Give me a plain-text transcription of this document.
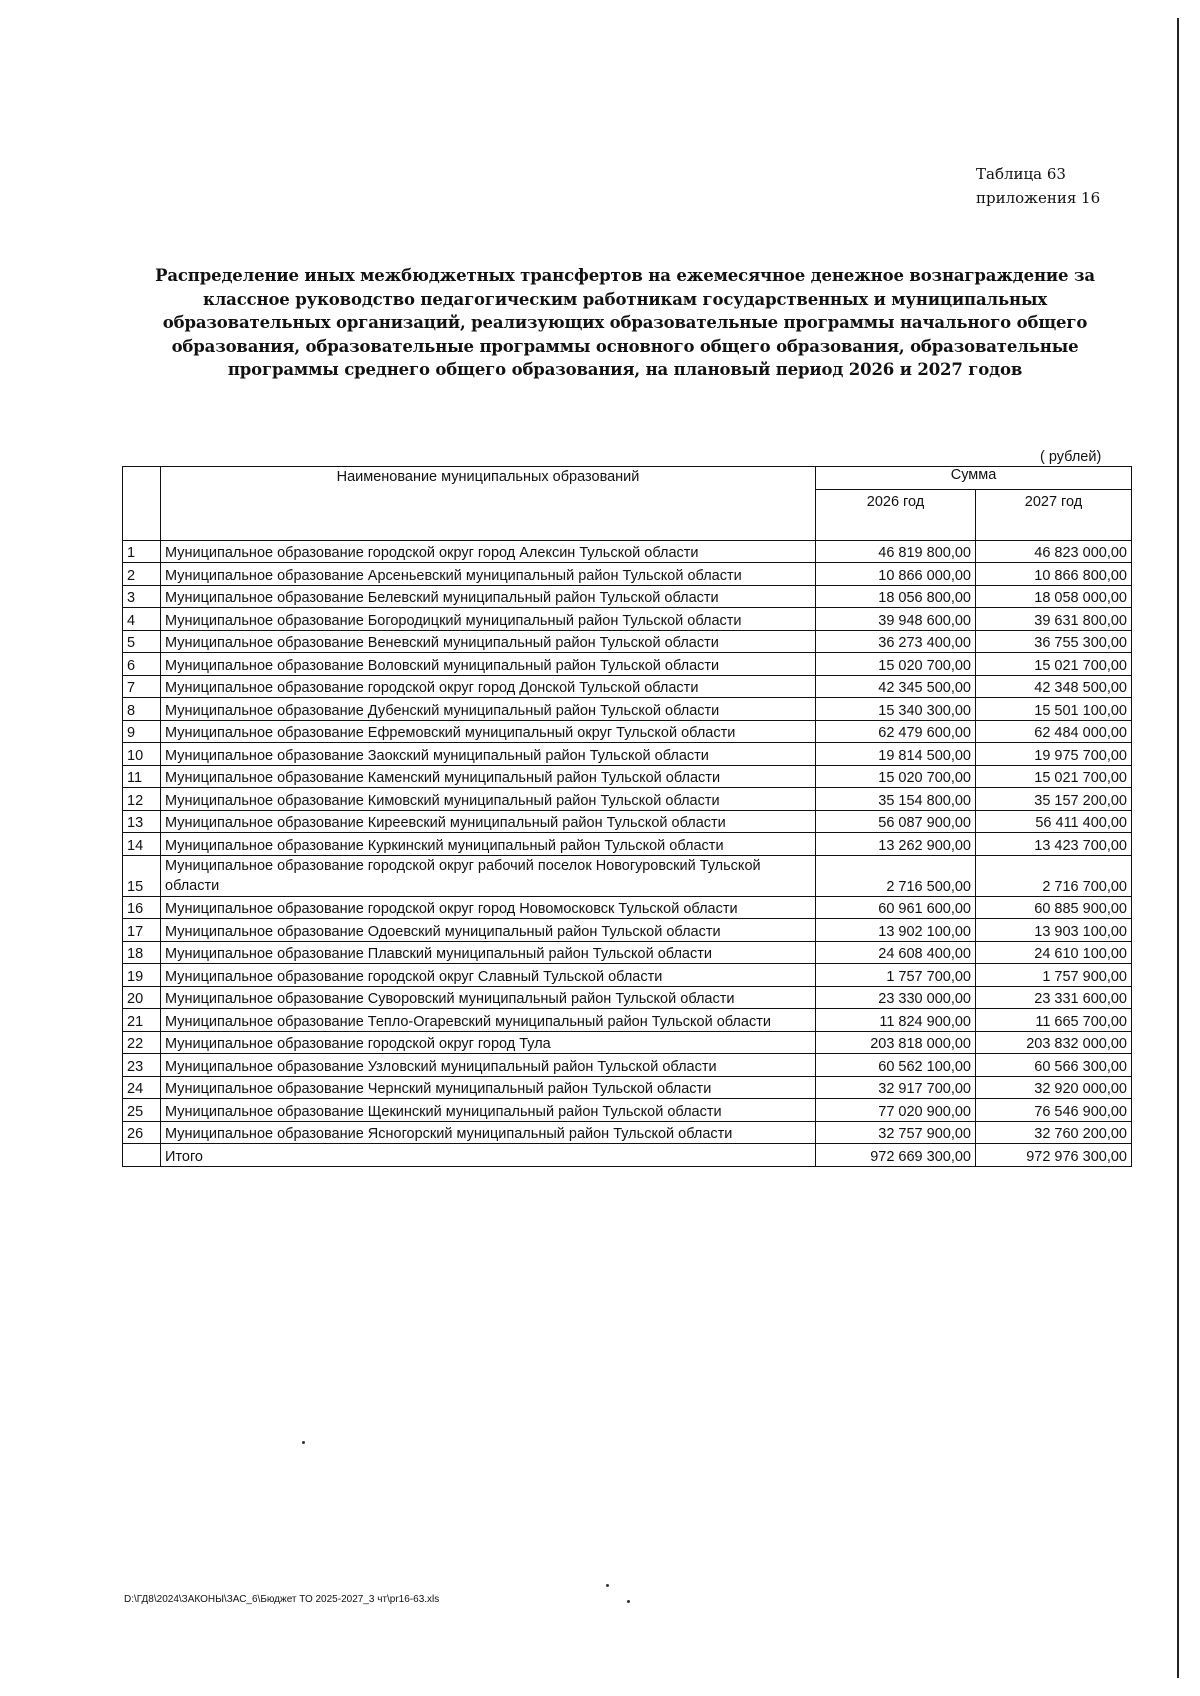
Таблица 63
приложения 16
Распределение иных межбюджетных трансфертов на ежемесячное денежное вознаграждение за классное руководство педагогическим работникам государственных и муниципальных образовательных организаций, реализующих образовательные программы начального общего образования, образовательные программы основного общего образования, образовательные программы среднего общего образования, на плановый период 2026 и 2027 годов
( рублей)
	Наименование муниципальных образований	Сумма	
		2026 год	2027 год
1	Муниципальное образование городской округ город Алексин Тульской области	46 819 800,00	46 823 000,00
2	Муниципальное образование Арсеньевский муниципальный район Тульской области	10 866 000,00	10 866 800,00
3	Муниципальное образование Белевский муниципальный район Тульской области	18 056 800,00	18 058 000,00
4	Муниципальное образование Богородицкий муниципальный район Тульской области	39 948 600,00	39 631 800,00
5	Муниципальное образование Веневский муниципальный район Тульской области	36 273 400,00	36 755 300,00
6	Муниципальное образование Воловский муниципальный район Тульской области	15 020 700,00	15 021 700,00
7	Муниципальное образование городской округ город Донской Тульской области	42 345 500,00	42 348 500,00
8	Муниципальное образование Дубенский муниципальный район Тульской области	15 340 300,00	15 501 100,00
9	Муниципальное образование Ефремовский муниципальный округ Тульской области	62 479 600,00	62 484 000,00
10	Муниципальное образование Заокский муниципальный район Тульской области	19 814 500,00	19 975 700,00
11	Муниципальное образование Каменский муниципальный район Тульской области	15 020 700,00	15 021 700,00
12	Муниципальное образование Кимовский муниципальный район Тульской области	35 154 800,00	35 157 200,00
13	Муниципальное образование Киреевский муниципальный район Тульской области	56 087 900,00	56 411 400,00
14	Муниципальное образование Куркинский муниципальный район Тульской области	13 262 900,00	13 423 700,00
15	Муниципальное образование городской округ рабочий поселок Новогуровский Тульской области	2 716 500,00	2 716 700,00
16	Муниципальное образование городской округ город Новомосковск Тульской области	60 961 600,00	60 885 900,00
17	Муниципальное образование Одоевский муниципальный район Тульской области	13 902 100,00	13 903 100,00
18	Муниципальное образование Плавский муниципальный район Тульской области	24 608 400,00	24 610 100,00
19	Муниципальное образование городской округ Славный Тульской области	1 757 700,00	1 757 900,00
20	Муниципальное образование Суворовский муниципальный район Тульской области	23 330 000,00	23 331 600,00
21	Муниципальное образование Тепло-Огаревский муниципальный район Тульской области	11 824 900,00	11 665 700,00
22	Муниципальное образование городской округ город Тула	203 818 000,00	203 832 000,00
23	Муниципальное образование Узловский муниципальный район Тульской области	60 562 100,00	60 566 300,00
24	Муниципальное образование Чернский муниципальный район Тульской области	32 917 700,00	32 920 000,00
25	Муниципальное образование Щекинский муниципальный район Тульской области	77 020 900,00	76 546 900,00
26	Муниципальное образование Ясногорский муниципальный район Тульской области	32 757 900,00	32 760 200,00
	Итого	972 669 300,00	972 976 300,00
D:\ГД8\2024\ЗАКОНЫ\ЗАС_6\Бюджет ТО 2025-2027_3 чт\pr16-63.xls
